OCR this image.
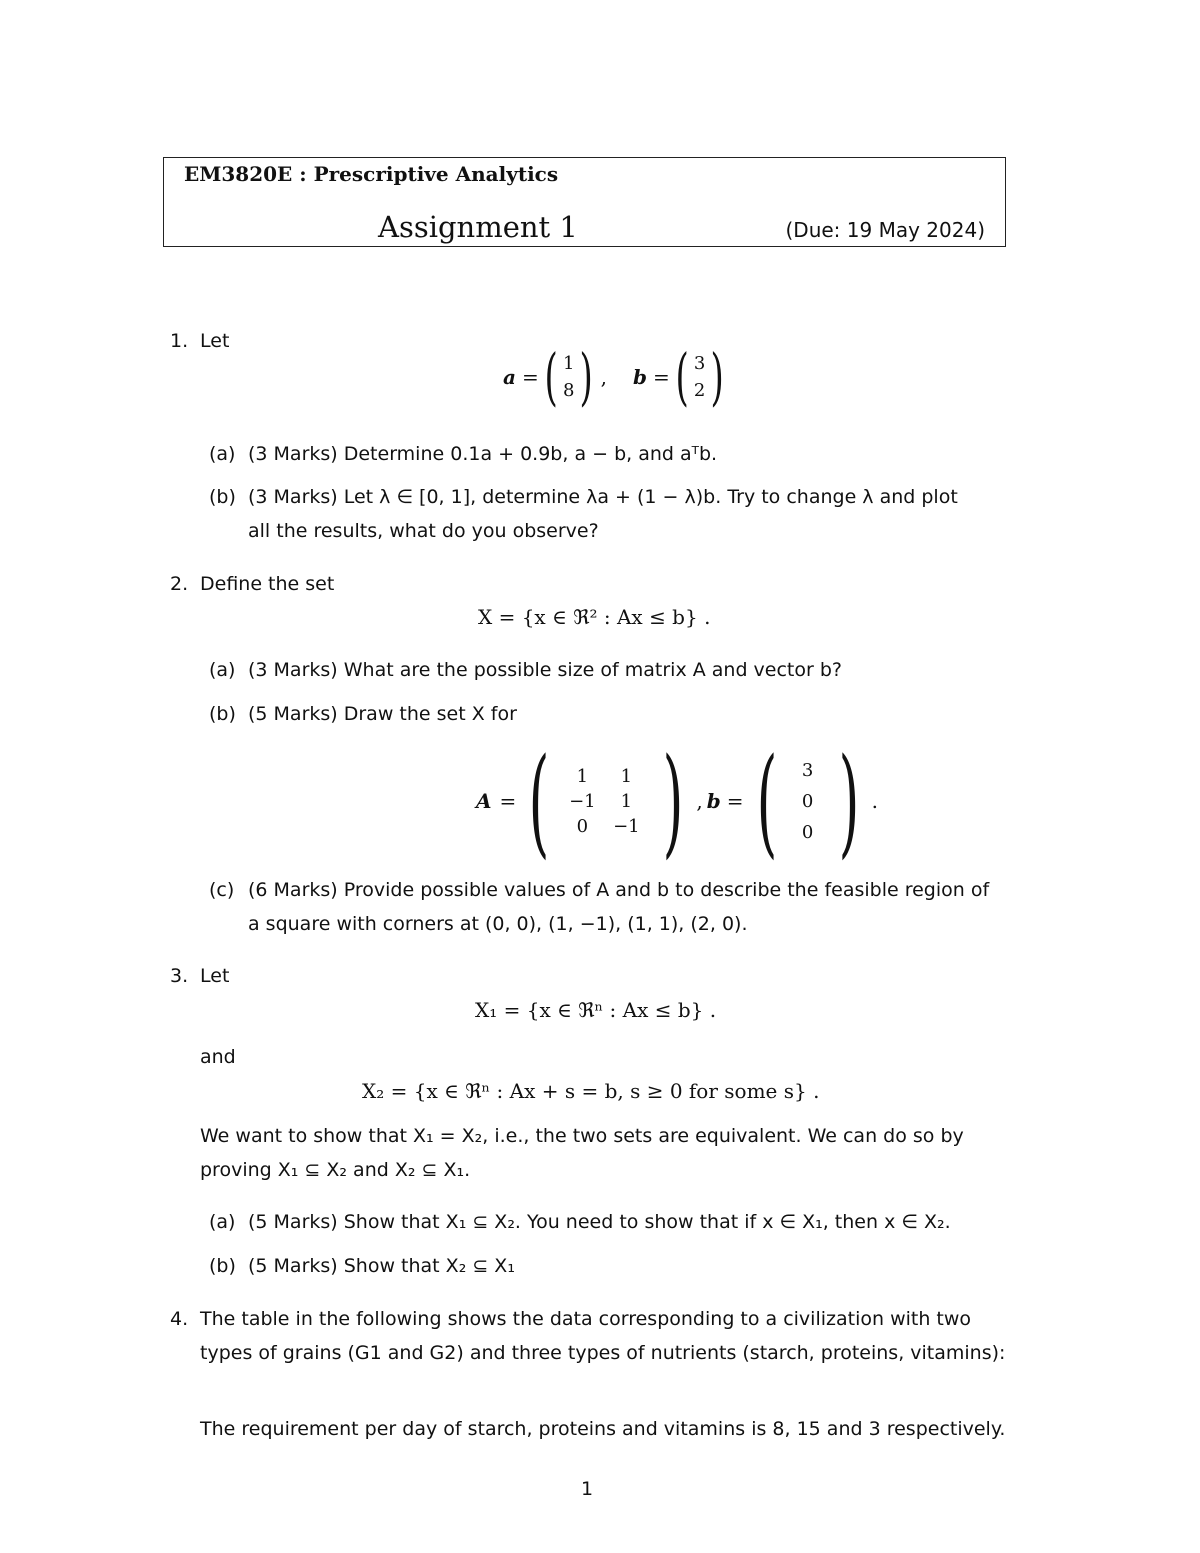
EM3820E : Prescriptive Analytics
Assignment 1	(Due: 19 May 2024)
1. Let
a = ( 1
8 ) , b = ( 3
2 )
(a) (3 Marks) Determine 0.1a + 0.9b, a − b, and aᵀb.
(b) (3 Marks) Let λ ∈ [0, 1], determine λa + (1 − λ)b. Try to change λ and plot
all the results, what do you observe?
2. Define the set
X = {x ∈ ℜ² : Ax ≤ b} .
(a) (3 Marks) What are the possible size of matrix A and vector b?
(b) (5 Marks) Draw the set X for
A = (	1	1
−1	1
0	−1 ) , b = ( 3
0
0 ) .
(c) (6 Marks) Provide possible values of A and b to describe the feasible region of
a square with corners at (0, 0), (1, −1), (1, 1), (2, 0).
3. Let
X₁ = {x ∈ ℜⁿ : Ax ≤ b} .
and
X₂ = {x ∈ ℜⁿ : Ax + s = b, s ≥ 0 for some s} .
We want to show that X₁ = X₂, i.e., the two sets are equivalent. We can do so by
proving X₁ ⊆ X₂ and X₂ ⊆ X₁.
(a) (5 Marks) Show that X₁ ⊆ X₂. You need to show that if x ∈ X₁, then x ∈ X₂.
(b) (5 Marks) Show that X₂ ⊆ X₁
4. The table in the following shows the data corresponding to a civilization with two
types of grains (G1 and G2) and three types of nutrients (starch, proteins, vitamins):
The requirement per day of starch, proteins and vitamins is 8, 15 and 3 respectively.
1
